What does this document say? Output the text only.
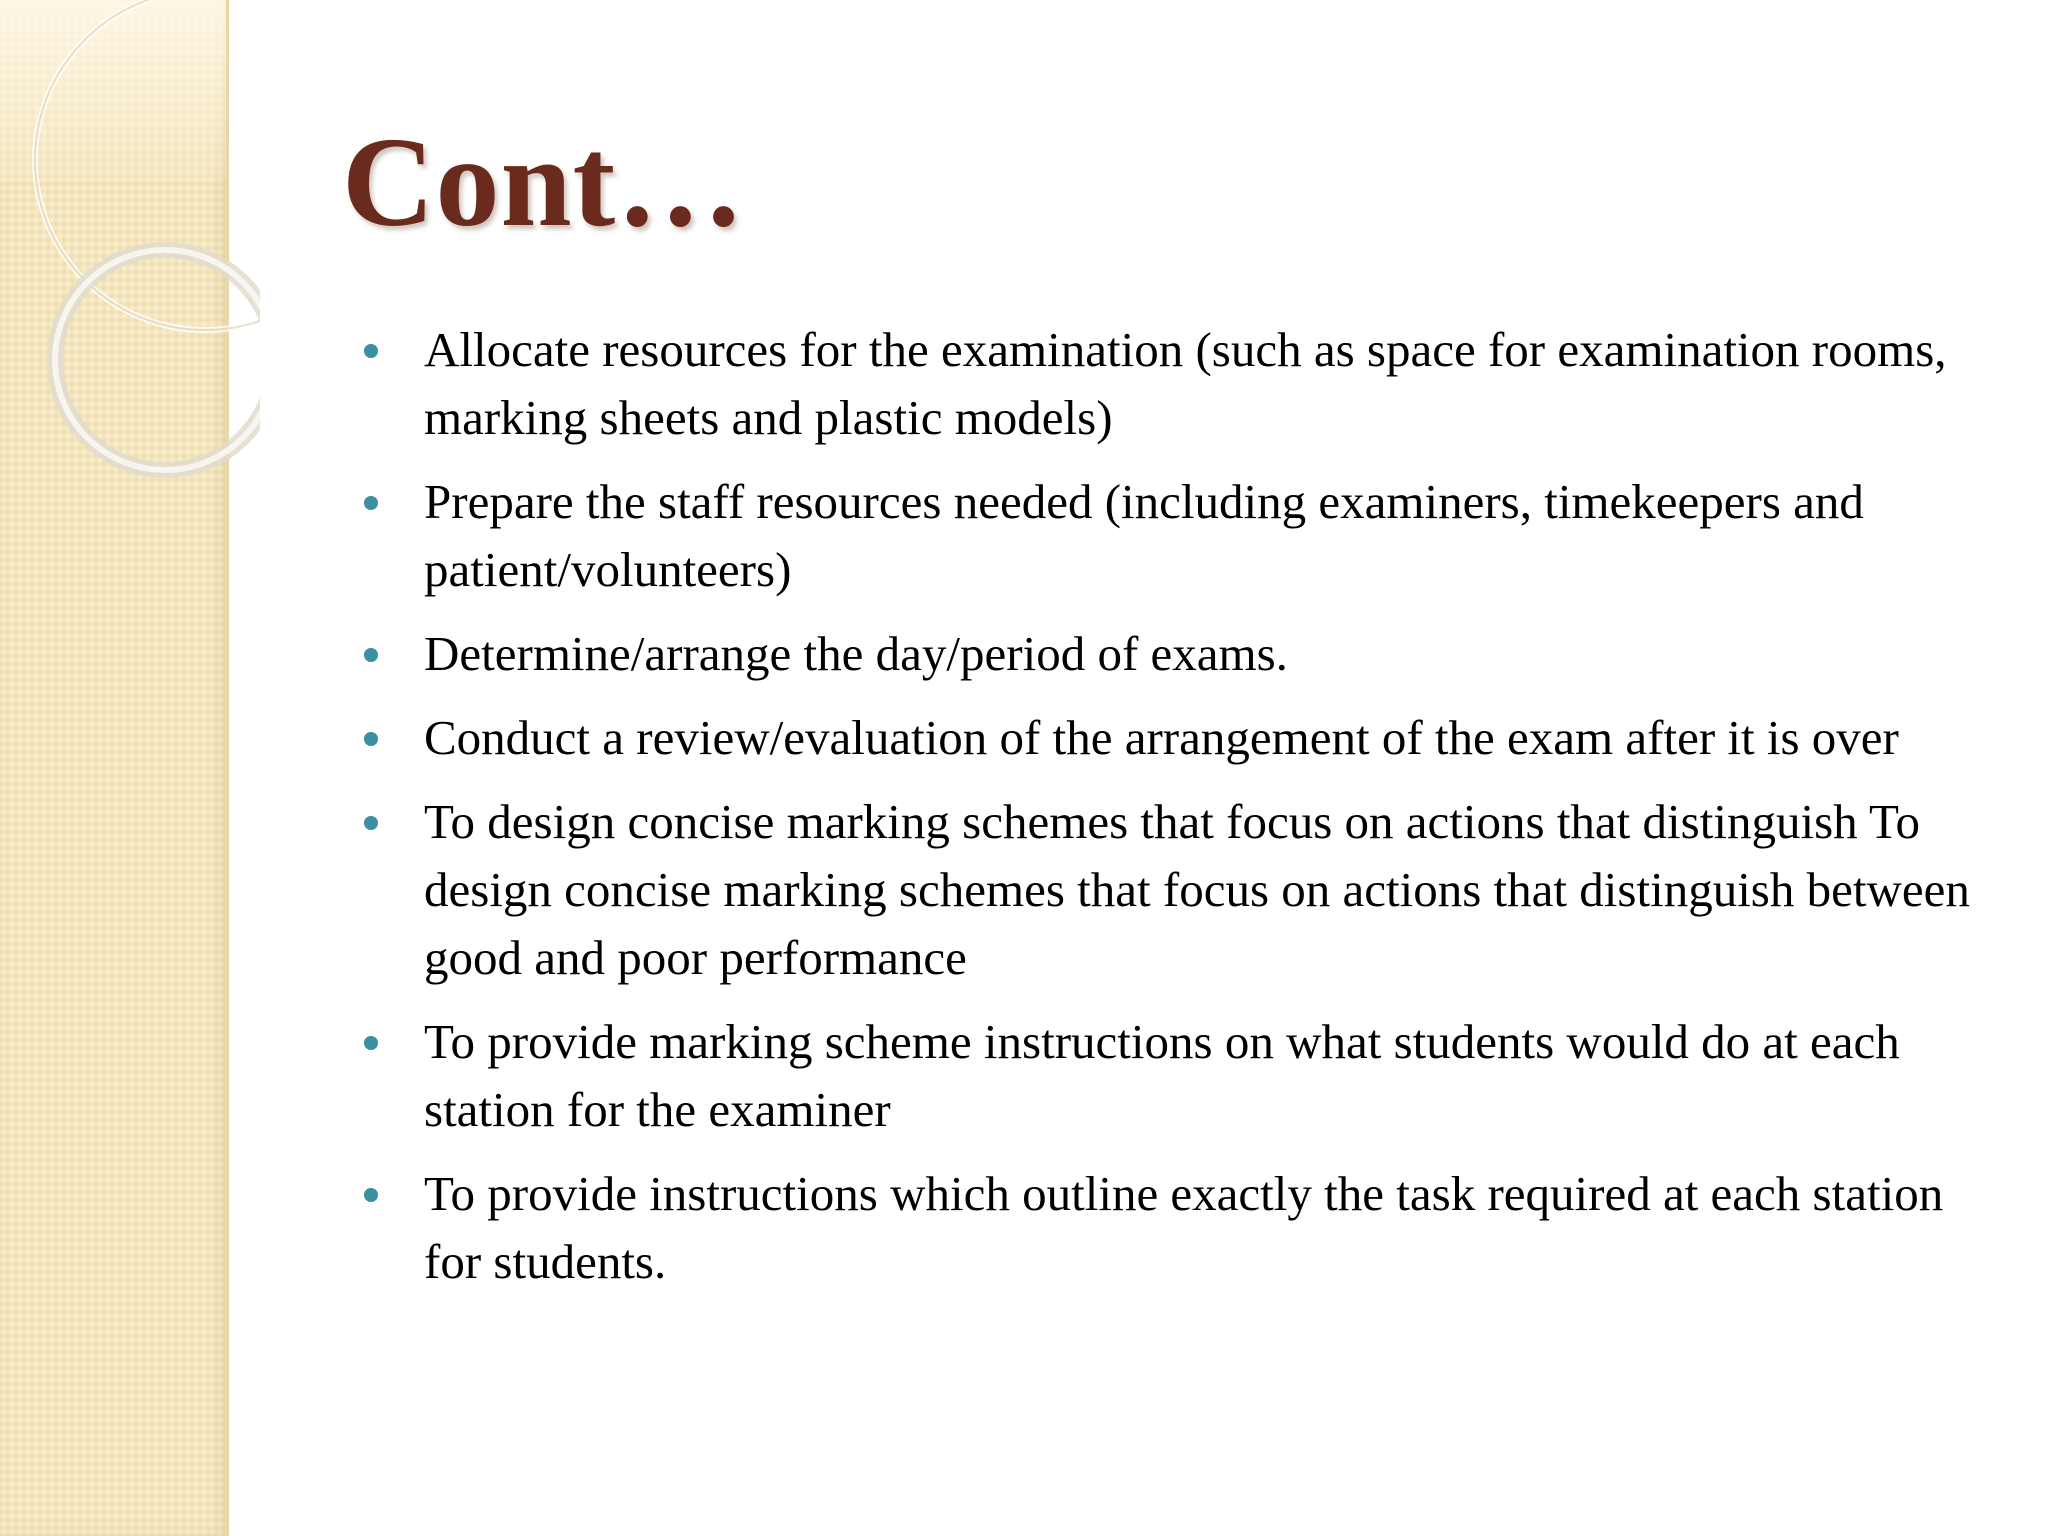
Cont…
Allocate resources for the examination (such as space for examination rooms, marking sheets and plastic models)
Prepare the staff resources needed (including examiners, timekeepers and patient/volunteers)
Determine/arrange the day/period of exams.
Conduct a review/evaluation of the arrangement of the exam after it is over
To design concise marking schemes that focus on actions that distinguish To design concise marking schemes that focus on actions that distinguish between good and poor performance
To provide marking scheme instructions on what students would do at each station for the examiner
To provide instructions which outline exactly the task required at each station for students.
